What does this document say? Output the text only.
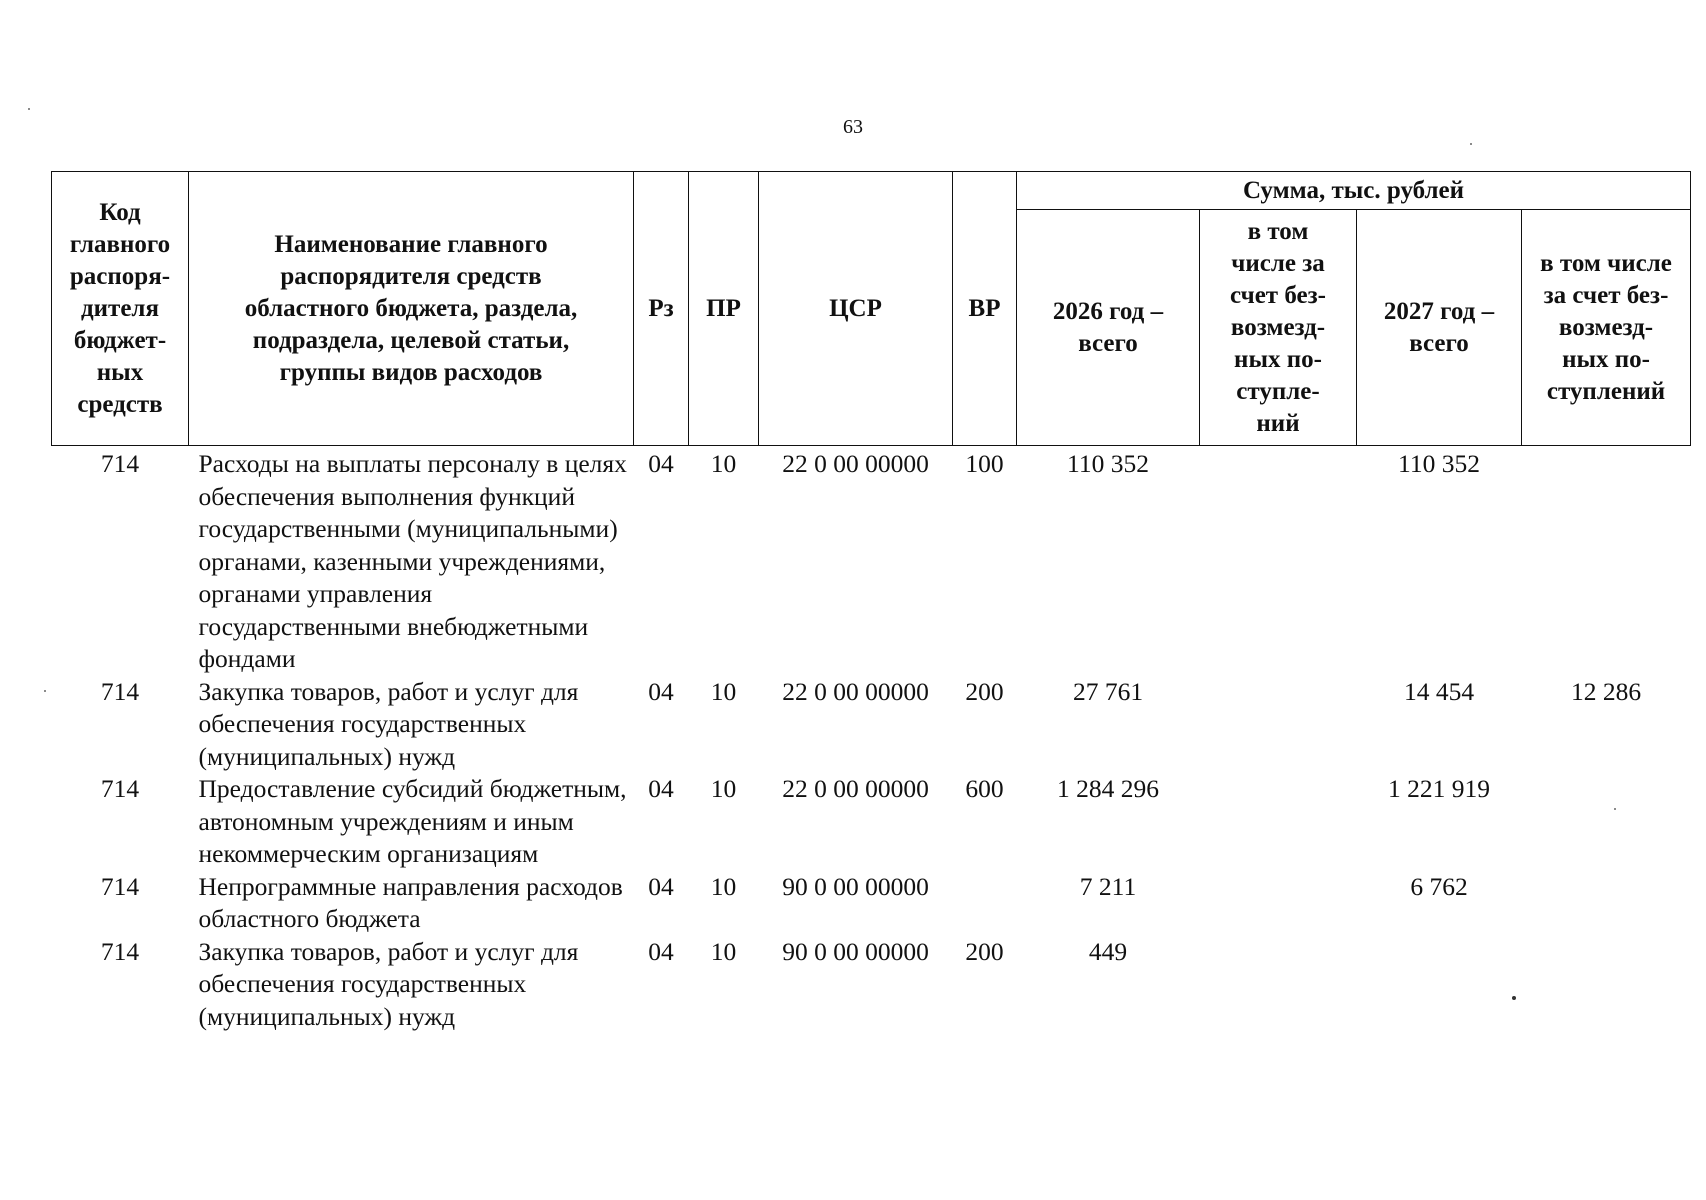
63
Код главного распоря-дителя бюджет-ных средств	Наименование главного распорядителя средств областного бюджета, раздела, подраздела, целевой статьи, группы видов расходов	Рз	ПР	ЦСР	ВР	Сумма, тыс. рублей			
						2026 год – всего	в том числе за счет без-возмезд-ных по-ступле-ний	2027 год – всего	в том числе за счет без-возмезд-ных по-ступлений
714	Расходы на выплаты персоналу в целях обеспечения выполнения функций государственными (муниципальными) органами, казенными учреждениями, органами управления государственными внебюджетными фондами	04	10	22 0 00 00000	100	110 352		110 352	
714	Закупка товаров, работ и услуг для обеспечения государственных (муниципальных) нужд	04	10	22 0 00 00000	200	27 761		14 454	12 286
714	Предоставление субсидий бюджетным, автономным учреждениям и иным некоммерческим организациям	04	10	22 0 00 00000	600	1 284 296		1 221 919	
714	Непрограммные направления расходов областного бюджета	04	10	90 0 00 00000		7 211		6 762	
714	Закупка товаров, работ и услуг для обеспечения государственных (муниципальных) нужд	04	10	90 0 00 00000	200	449			
